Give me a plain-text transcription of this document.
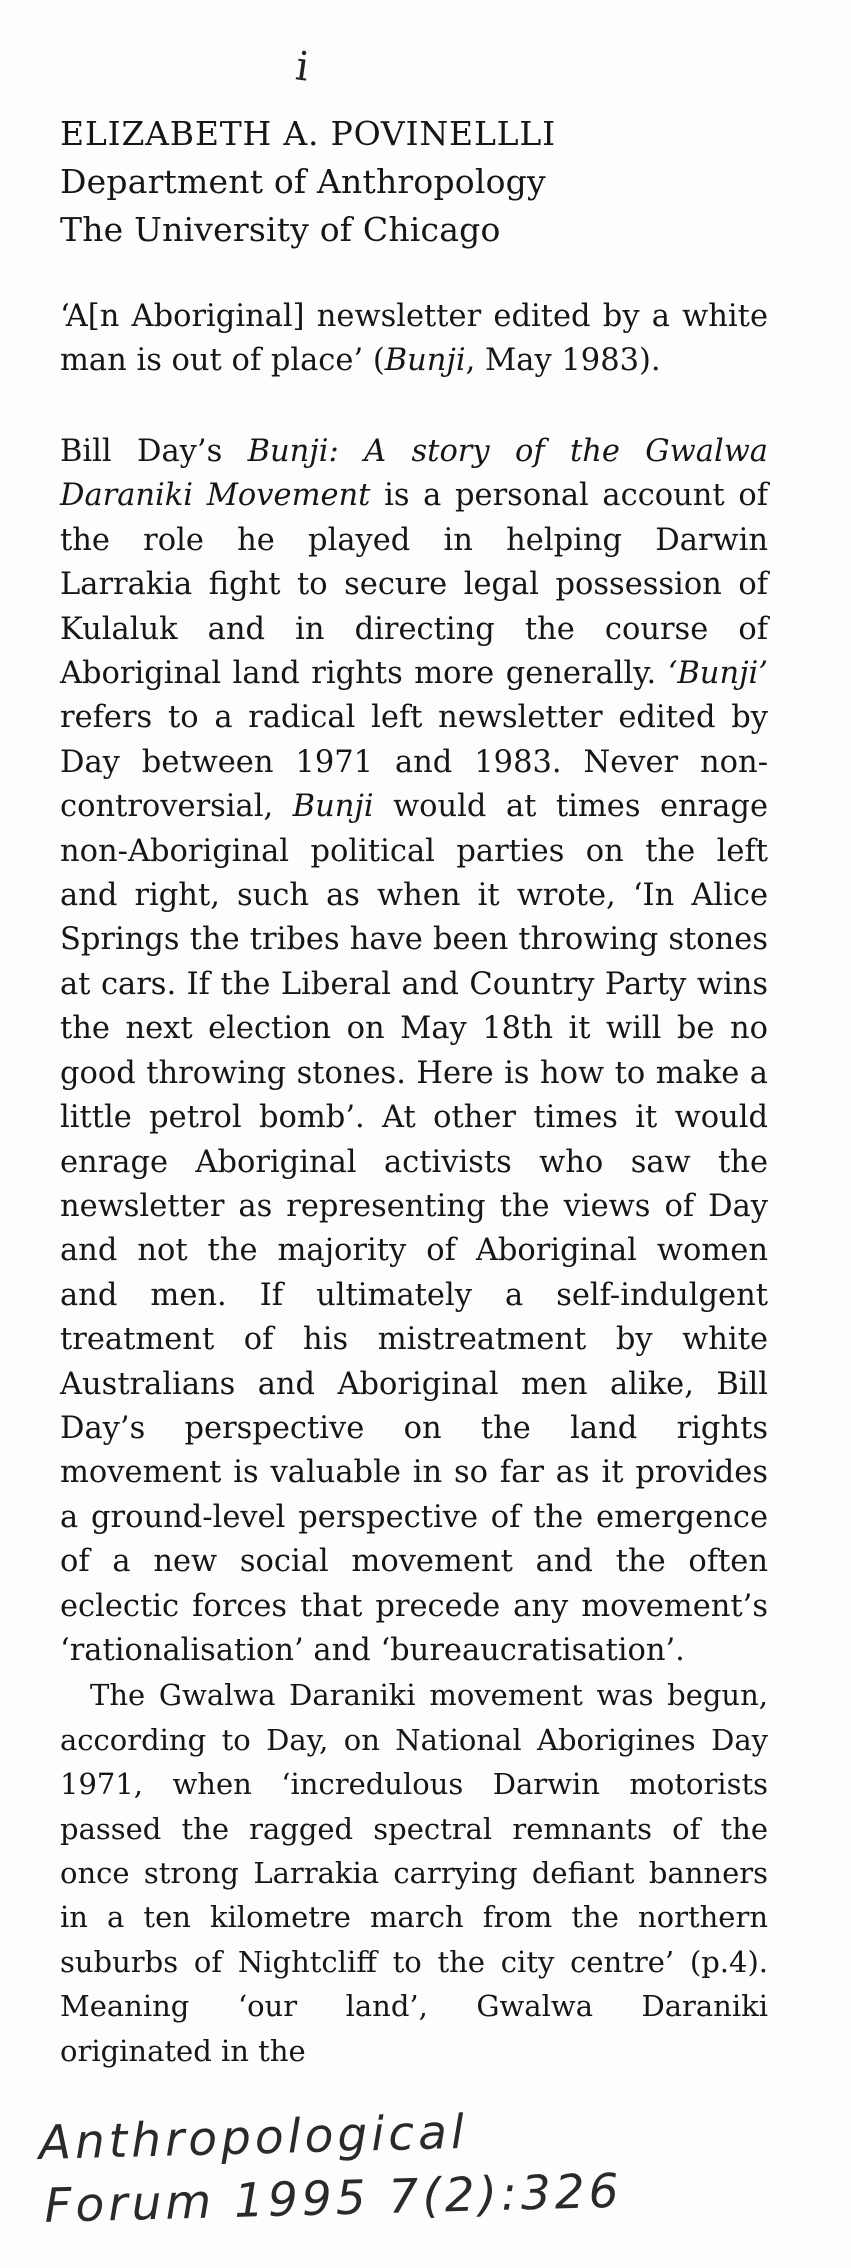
i
ELIZABETH A. POVINELLLI
Department of Anthropology
The University of Chicago
‘A[n Aboriginal] newsletter edited by a white man is out of place’ (Bunji, May 1983).

Bill Day’s Bunji: A story of the Gwalwa Daraniki Movement is a personal account of the role he played in helping Darwin Larrakia fight to secure legal possession of Kulaluk and in directing the course of Aboriginal land rights more generally. ‘Bunji’ refers to a radical left newsletter edited by Day between 1971 and 1983. Never non-controversial, Bunji would at times enrage non-Aboriginal political parties on the left and right, such as when it wrote, ‘In Alice Springs the tribes have been throwing stones at cars. If the Liberal and Country Party wins the next election on May 18th it will be no good throwing stones. Here is how to make a little petrol bomb’. At other times it would enrage Aboriginal activists who saw the newsletter as representing the views of Day and not the majority of Aboriginal women and men. If ultimately a self-indulgent treatment of his mistreatment by white Australians and Aboriginal men alike, Bill Day’s perspective on the land rights movement is valuable in so far as it provides a ground-level perspective of the emergence of a new social movement and the often eclectic forces that precede any movement’s ‘rationalisation’ and ‘bureaucratisation’.

The Gwalwa Daraniki movement was begun, according to Day, on National Aborigines Day 1971, when ‘incredulous Darwin motorists passed the ragged spectral remnants of the once strong Larrakia carrying defiant banners in a ten kilometre march from the northern suburbs of Nightcliff to the city centre’ (p.4). Meaning ‘our land’, Gwalwa Daraniki originated in the

Anthropological
Forum 1995 7(2):326
